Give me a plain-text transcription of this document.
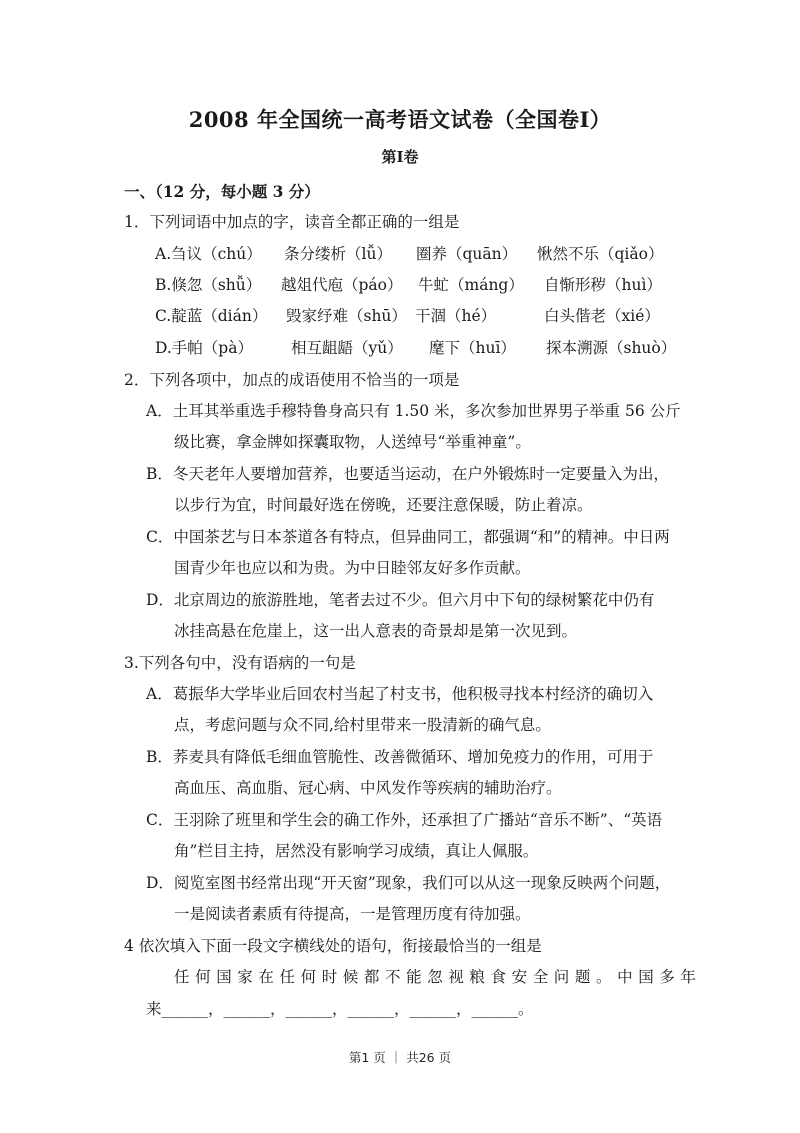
2008 年全国统一高考语文试卷（全国卷I）
第I卷
一、（12 分，每小题 3 分）
1．下列词语中加点的字，读音全都正确的一组是
A.刍议（chú） 条分缕析（lǚ） 圈养（quān） 愀然不乐（qiǎo）
B.倏忽（shǚ） 越俎代庖（páo） 牛虻（máng） 自惭形秽（huì）
C.靛蓝（dián） 毁家纾难（shū） 干涸（hé）	白头偕老（xié）
D.手帕（pà） 相互龃龉（yǔ） 麾下（huī） 探本溯源（shuò）
2．下列各项中，加点的成语使用不恰当的一项是
A．土耳其举重选手穆特鲁身高只有 1.50 米，多次参加世界男子举重 56 公斤
级比赛，拿金牌如探囊取物，人送绰号“举重神童”。
B．冬天老年人要增加营养，也要适当运动，在户外锻炼时一定要量入为出，
以步行为宜，时间最好选在傍晚，还要注意保暖，防止着凉。
C．中国茶艺与日本茶道各有特点，但异曲同工，都强调“和”的精神。中日两
国青少年也应以和为贵。为中日睦邻友好多作贡献。
D．北京周边的旅游胜地，笔者去过不少。但六月中下旬的绿树繁花中仍有
冰挂高悬在危崖上，这一出人意表的奇景却是第一次见到。
3.下列各句中，没有语病的一句是
A．葛振华大学毕业后回农村当起了村支书，他积极寻找本村经济的确切入
点，考虑问题与众不同,给村里带来一股清新的确气息。
B．荞麦具有降低毛细血管脆性、改善微循环、增加免疫力的作用，可用于
高血压、高血脂、冠心病、中风发作等疾病的辅助治疗。
C．王羽除了班里和学生会的确工作外，还承担了广播站“音乐不断”、“英语
角”栏目主持，居然没有影响学习成绩，真让人佩服。
D．阅览室图书经常出现“开天窗”现象，我们可以从这一现象反映两个问题，
一是阅读者素质有待提高，一是管理历度有待加强。
4 依次填入下面一段文字横线处的语句，衔接最恰当的一组是
任何国家在任何时候都不能忽视粮食安全问题。中国多年
来______，______，______，______，______，______。
第1 页 ｜ 共26 页
